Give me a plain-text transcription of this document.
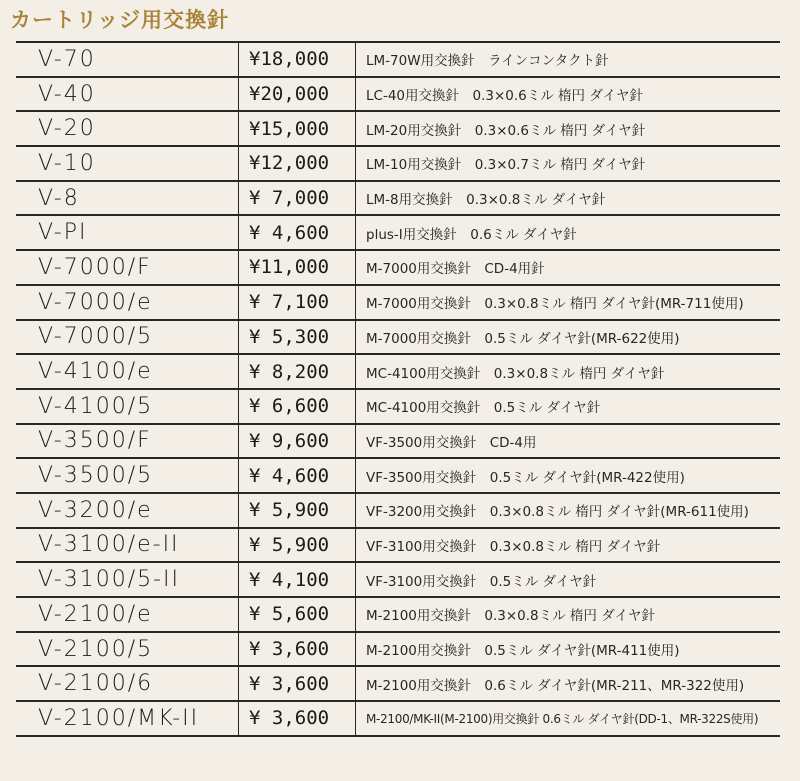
カートリッジ用交換針
V-70	¥18,000	LM-70W用交換針　ラインコンタクト針
V-40	¥20,000	LC-40用交換針　0.3×0.6ミル 楕円 ダイヤ針
V-20	¥15,000	LM-20用交換針　0.3×0.6ミル 楕円 ダイヤ針
V-10	¥12,000	LM-10用交換針　0.3×0.7ミル 楕円 ダイヤ針
V-8	¥ 7,000	LM-8用交換針　0.3×0.8ミル ダイヤ針
V-PI	¥ 4,600	plus-I用交換針　0.6ミル ダイヤ針
V-7000/F	¥11,000	M-7000用交換針　CD-4用針
V-7000/e	¥ 7,100	M-7000用交換針　0.3×0.8ミル 楕円 ダイヤ針(MR-711使用)
V-7000/5	¥ 5,300	M-7000用交換針　0.5ミル ダイヤ針(MR-622使用)
V-4100/e	¥ 8,200	MC-4100用交換針　0.3×0.8ミル 楕円 ダイヤ針
V-4100/5	¥ 6,600	MC-4100用交換針　0.5ミル ダイヤ針
V-3500/F	¥ 9,600	VF-3500用交換針　CD-4用
V-3500/5	¥ 4,600	VF-3500用交換針　0.5ミル ダイヤ針(MR-422使用)
V-3200/e	¥ 5,900	VF-3200用交換針　0.3×0.8ミル 楕円 ダイヤ針(MR-611使用)
V-3100/e-II	¥ 5,900	VF-3100用交換針　0.3×0.8ミル 楕円 ダイヤ針
V-3100/5-II	¥ 4,100	VF-3100用交換針　0.5ミル ダイヤ針
V-2100/e	¥ 5,600	M-2100用交換針　0.3×0.8ミル 楕円 ダイヤ針
V-2100/5	¥ 3,600	M-2100用交換針　0.5ミル ダイヤ針(MR-411使用)
V-2100/6	¥ 3,600	M-2100用交換針　0.6ミル ダイヤ針(MR-211、MR-322使用)
V-2100/MK-II	¥ 3,600	M-2100/MK-II(M-2100)用交換針 0.6ミル ダイヤ針(DD-1、MR-322S使用)
